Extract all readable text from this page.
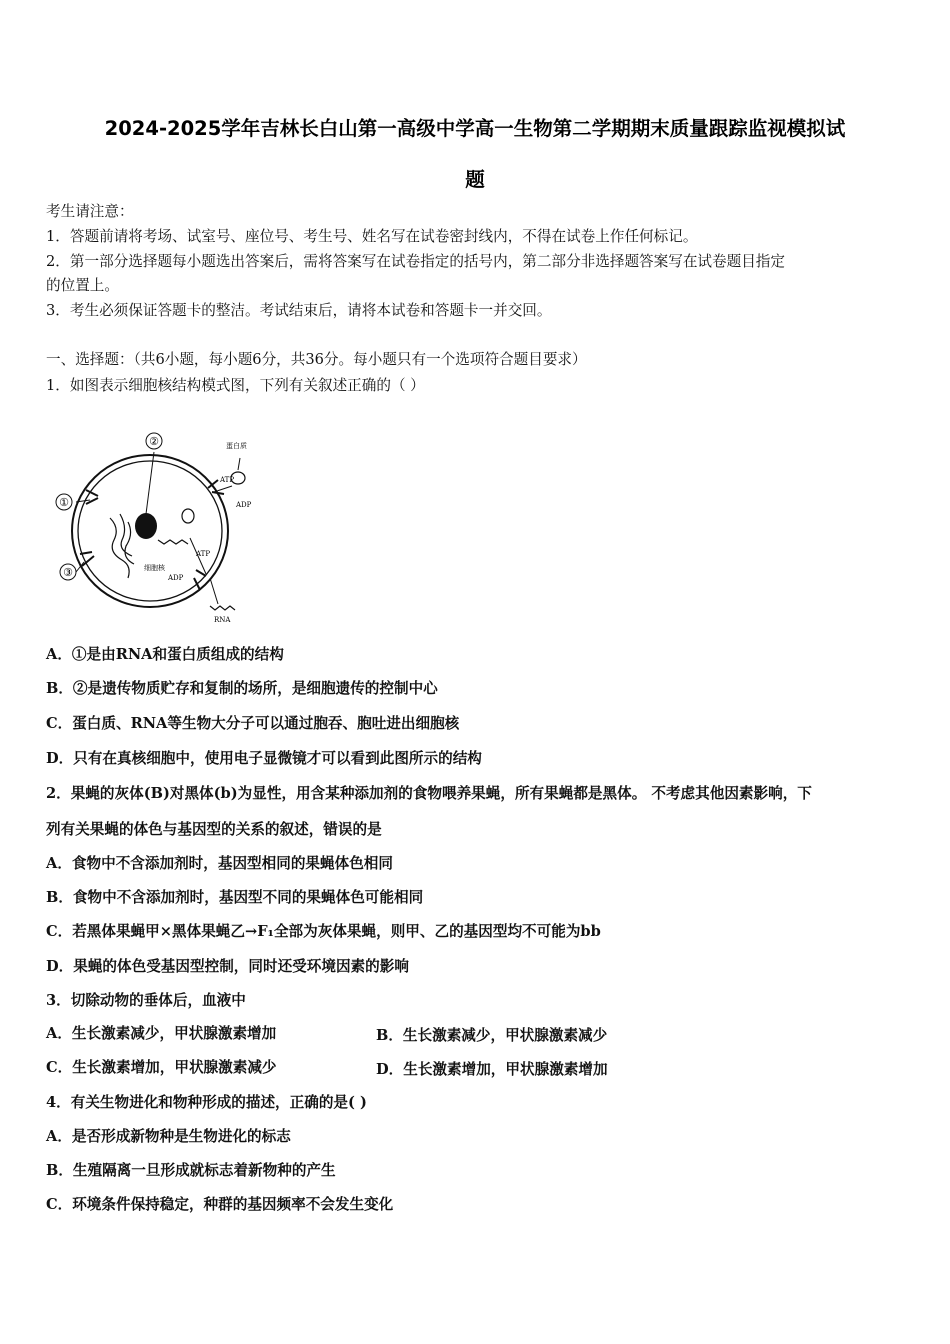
2024-2025学年吉林长白山第一高级中学高一生物第二学期期末质量跟踪监视模拟试
题
考生请注意：
1．答题前请将考场、试室号、座位号、考生号、姓名写在试卷密封线内，不得在试卷上作任何标记。
2．第一部分选择题每小题选出答案后，需将答案写在试卷指定的括号内，第二部分非选择题答案写在试卷题目指定
的位置上。
3．考生必须保证答题卡的整洁。考试结束后，请将本试卷和答题卡一并交回。
一、选择题：（共6小题，每小题6分，共36分。每小题只有一个选项符合题目要求）
1．如图表示细胞核结构模式图，下列有关叙述正确的（ ）
②
①
③
蛋白质
ATP
ADP
ATP
ADP
细胞核
RNA
A．①是由RNA和蛋白质组成的结构
B．②是遗传物质贮存和复制的场所，是细胞遗传的控制中心
C．蛋白质、RNA等生物大分子可以通过胞吞、胞吐进出细胞核
D．只有在真核细胞中，使用电子显微镜才可以看到此图所示的结构
2．果蝇的灰体(B)对黑体(b)为显性，用含某种添加剂的食物喂养果蝇，所有果蝇都是黑体。 不考虑其他因素影响，下
列有关果蝇的体色与基因型的关系的叙述，错误的是
A．食物中不含添加剂时，基因型相同的果蝇体色相同
B．食物中不含添加剂时，基因型不同的果蝇体色可能相同
C．若黑体果蝇甲×黑体果蝇乙→F₁全部为灰体果蝇，则甲、乙的基因型均不可能为bb
D．果蝇的体色受基因型控制，同时还受环境因素的影响
3．切除动物的垂体后，血液中
A．生长激素减少，甲状腺激素增加	B．生长激素减少，甲状腺激素减少
C．生长激素增加，甲状腺激素减少	D．生长激素增加，甲状腺激素增加
4．有关生物进化和物种形成的描述，正确的是( )
A．是否形成新物种是生物进化的标志
B．生殖隔离一旦形成就标志着新物种的产生
C．环境条件保持稳定，种群的基因频率不会发生变化
